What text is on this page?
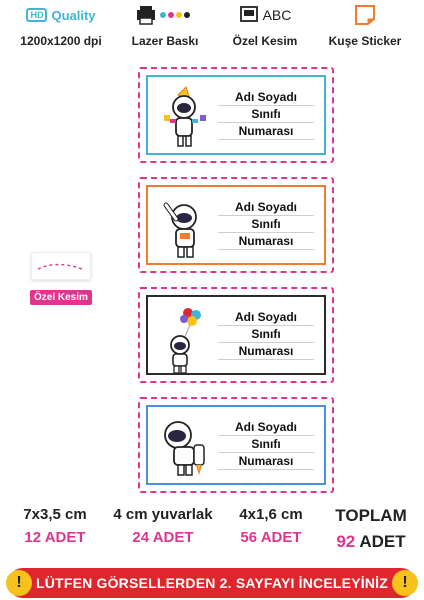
HD Quality
1200x1200 dpi	Lazer Baskı
ABC
Özel Kesim	Kuşe Sticker
Adı Soyadı
Sınıfı
Numarası
Adı Soyadı
Sınıfı
Numarası
Adı Soyadı
Sınıfı
Numarası
Adı Soyadı
Sınıfı
Numarası
Özel Kesim
7x3,5 cm
12 ADET
4 cm yuvarlak
24 ADET
4x1,6 cm
56 ADET
TOPLAM
92 ADET
!	LÜTFEN GÖRSELLERDEN 2. SAYFAYI İNCELEYİNİZ !
